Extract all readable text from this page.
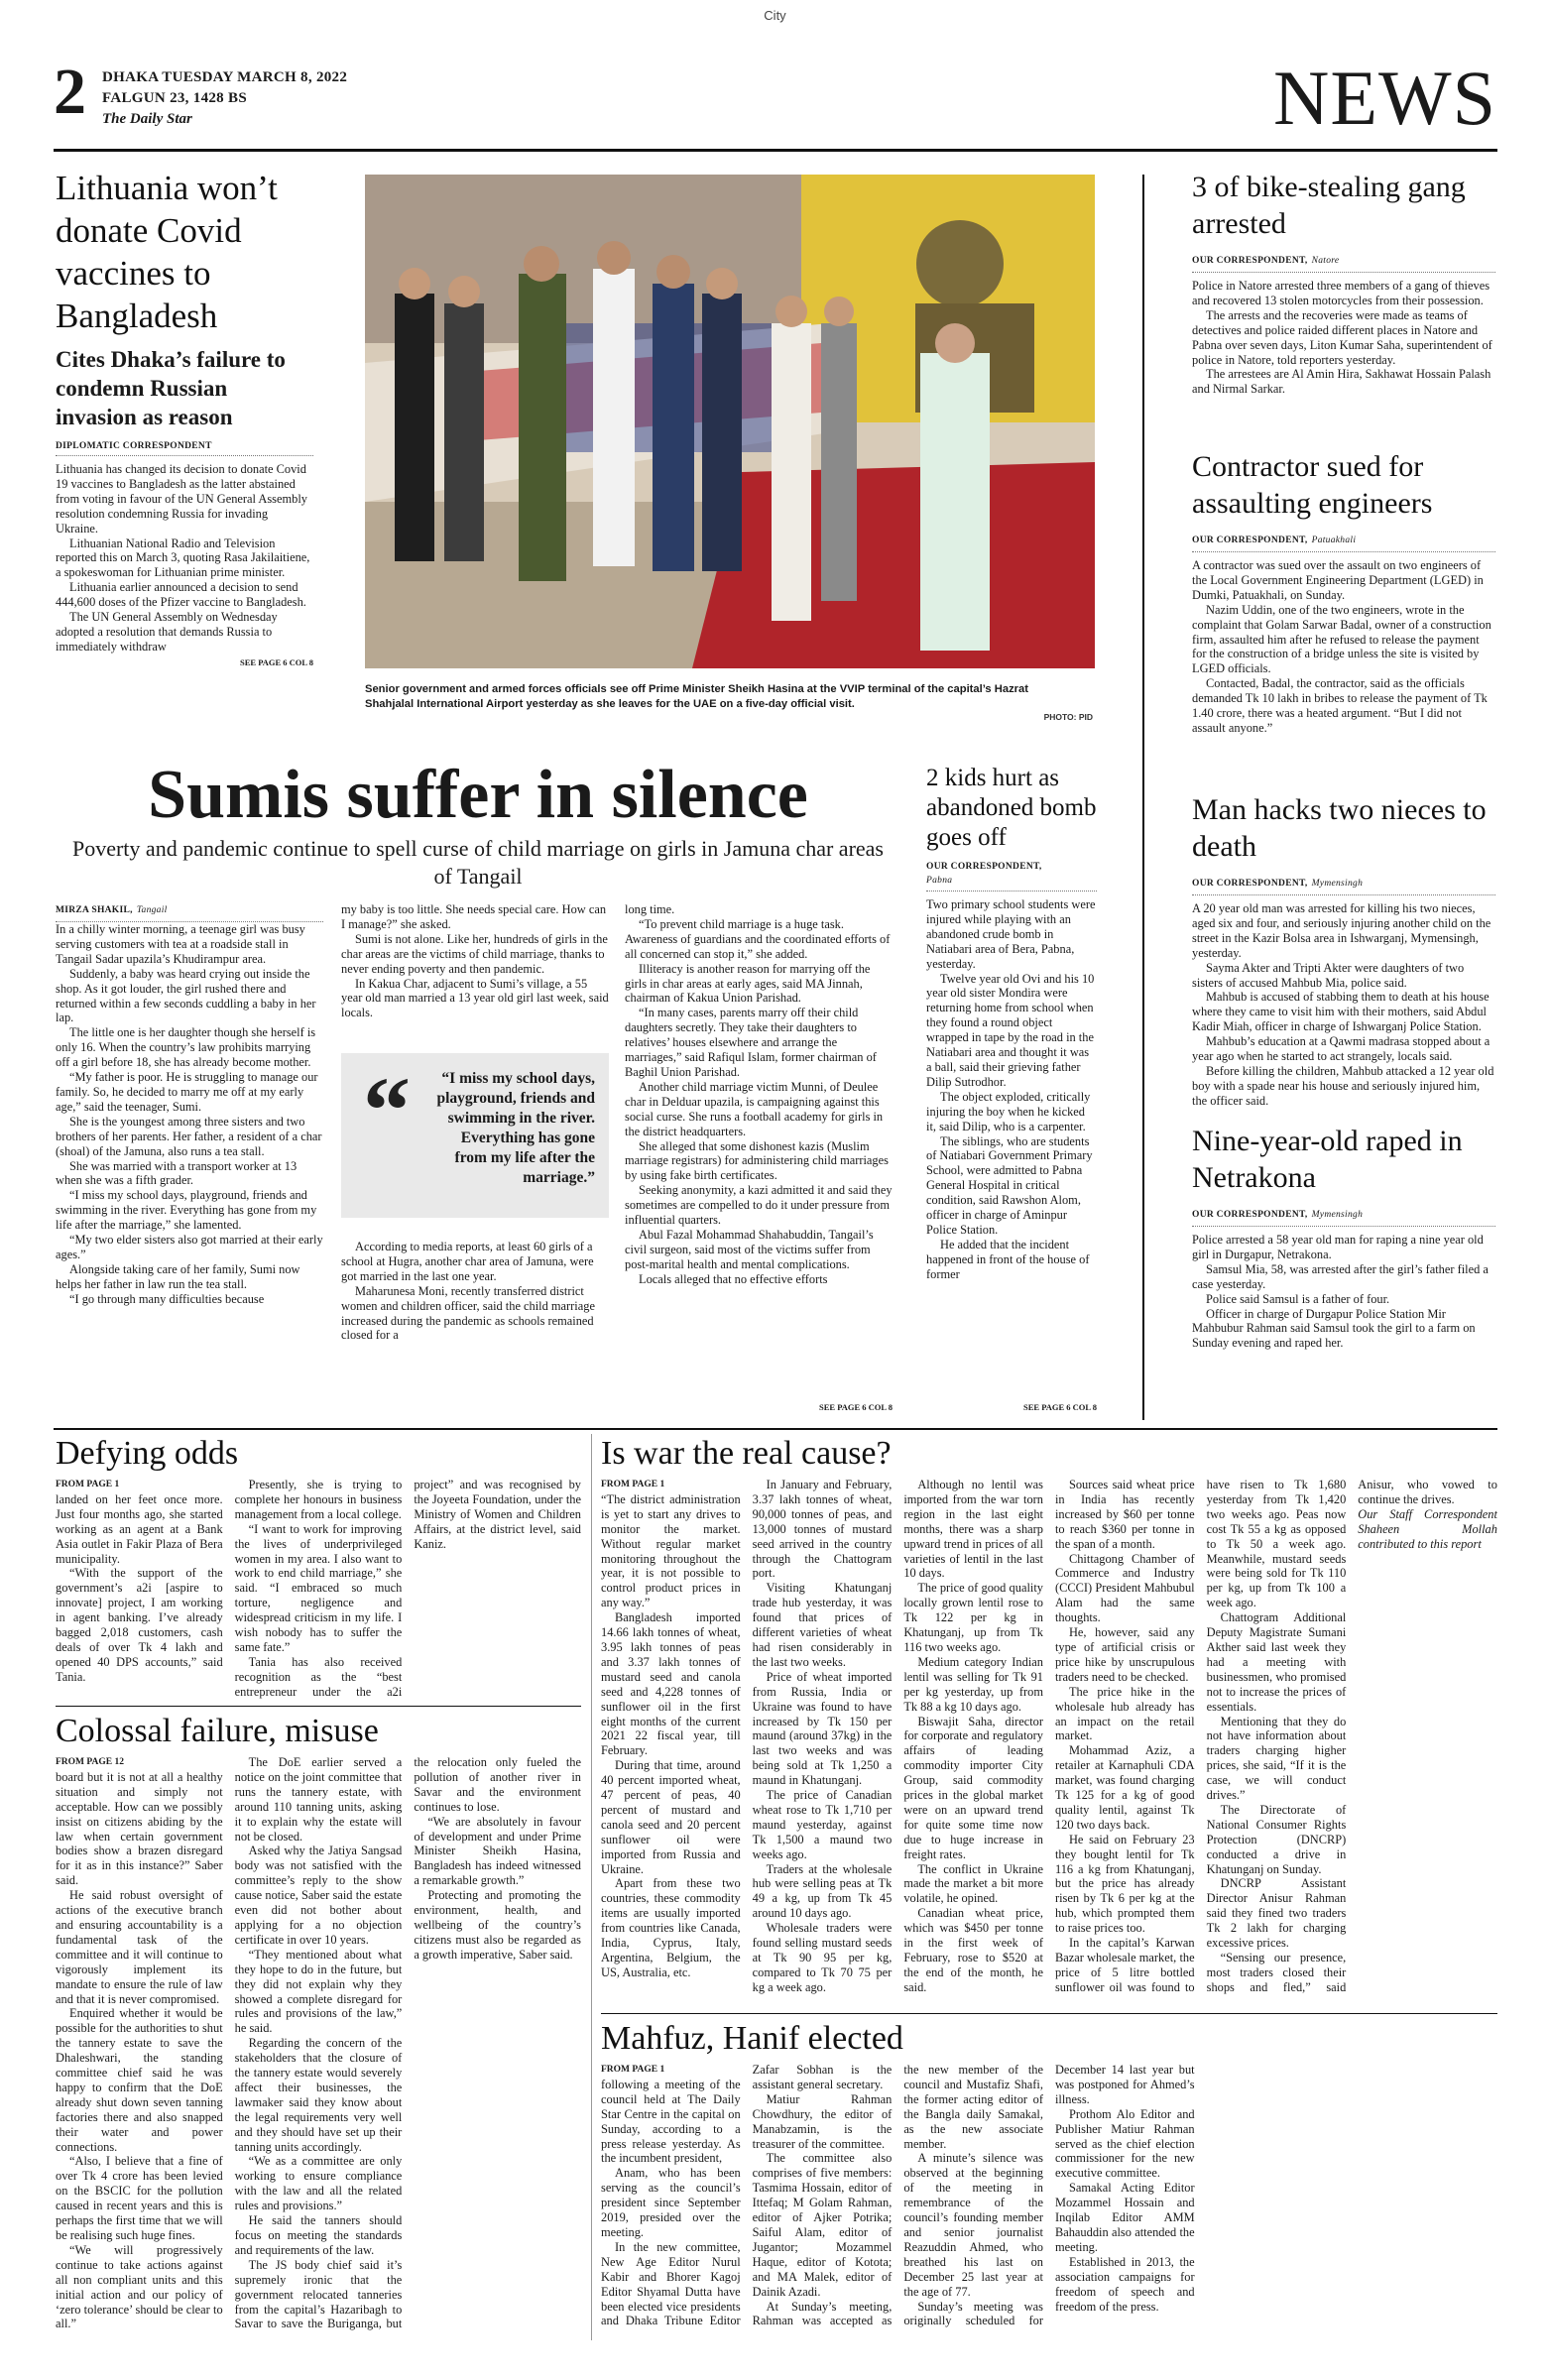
City
2 DHAKA TUESDAY MARCH 8, 2022
FALGUN 23, 1428 BS
The Daily Star	NEWS
Lithuania won’t donate Covid vaccines to Bangladesh
Cites Dhaka’s failure to condemn Russian invasion as reason
DIPLOMATIC CORRESPONDENT

Lithuania has changed its decision to donate Covid 19 vaccines to Bangladesh as the latter abstained from voting in favour of the UN General Assembly resolution condemning Russia for invading Ukraine.

Lithuanian National Radio and Television reported this on March 3, quoting Rasa Jakilaitiene, a spokeswoman for Lithuanian prime minister.

Lithuania earlier announced a decision to send 444,600 doses of the Pfizer vaccine to Bangladesh.

The UN General Assembly on Wednesday adopted a resolution that demands Russia to immediately withdraw

SEE PAGE 6 COL 8
Senior government and armed forces officials see off Prime Minister Sheikh Hasina at the VVIP terminal of the capital’s Hazrat Shahjalal International Airport yesterday as she leaves for the UAE on a five-day official visit.
PHOTO: PID
3 of bike-stealing gang arrested
OUR CORRESPONDENT, Natore

Police in Natore arrested three members of a gang of thieves and recovered 13 stolen motorcycles from their possession.

The arrests and the recoveries were made as teams of detectives and police raided different places in Natore and Pabna over seven days, Liton Kumar Saha, superintendent of police in Natore, told reporters yesterday.

The arrestees are Al Amin Hira, Sakhawat Hossain Palash and Nirmal Sarkar.

Contractor sued for assaulting engineers
OUR CORRESPONDENT, Patuakhali

A contractor was sued over the assault on two engineers of the Local Government Engineering Department (LGED) in Dumki, Patuakhali, on Sunday.

Nazim Uddin, one of the two engineers, wrote in the complaint that Golam Sarwar Badal, owner of a construction firm, assaulted him after he refused to release the payment for the construction of a bridge unless the site is visited by LGED officials.

Contacted, Badal, the contractor, said as the officials demanded Tk 10 lakh in bribes to release the payment of Tk 1.40 crore, there was a heated argument. “But I did not assault anyone.”

Sumis suffer in silence
Poverty and pandemic continue to spell curse of child marriage on girls in Jamuna char areas of Tangail
MIRZA SHAKIL, Tangail

In a chilly winter morning, a teenage girl was busy serving customers with tea at a roadside stall in Tangail Sadar upazila’s Khudirampur area.

Suddenly, a baby was heard crying out inside the shop. As it got louder, the girl rushed there and returned within a few seconds cuddling a baby in her lap.

The little one is her daughter though she herself is only 16. When the country’s law prohibits marrying off a girl before 18, she has already become mother.

“My father is poor. He is struggling to manage our family. So, he decided to marry me off at my early age,” said the teenager, Sumi.

She is the youngest among three sisters and two brothers of her parents. Her father, a resident of a char (shoal) of the Jamuna, also runs a tea stall.

She was married with a transport worker at 13 when she was a fifth grader.

“I miss my school days, playground, friends and swimming in the river. Everything has gone from my life after the marriage,” she lamented.

“My two elder sisters also got married at their early ages.”

Alongside taking care of her family, Sumi now helps her father in law run the tea stall.

“I go through many difficulties because

my baby is too little. She needs special care. How can I manage?” she asked.

Sumi is not alone. Like her, hundreds of girls in the char areas are the victims of child marriage, thanks to never ending poverty and then pandemic.

In Kakua Char, adjacent to Sumi’s village, a 55 year old man married a 13 year old girl last week, said locals.

“	“I miss my school days, playground, friends and swimming in the river. Everything has gone from my life after the marriage.”

According to media reports, at least 60 girls of a school at Hugra, another char area of Jamuna, were got married in the last one year.

Maharunesa Moni, recently transferred district women and children officer, said the child marriage increased during the pandemic as schools remained closed for a

long time.

“To prevent child marriage is a huge task. Awareness of guardians and the coordinated efforts of all concerned can stop it,” she added.

Illiteracy is another reason for marrying off the girls in char areas at early ages, said MA Jinnah, chairman of Kakua Union Parishad.

“In many cases, parents marry off their child daughters secretly. They take their daughters to relatives’ houses elsewhere and arrange the marriages,” said Rafiqul Islam, former chairman of Baghil Union Parishad.

Another child marriage victim Munni, of Deulee char in Delduar upazila, is campaigning against this social curse. She runs a football academy for girls in the district headquarters.

She alleged that some dishonest kazis (Muslim marriage registrars) for administering child marriages by using fake birth certificates.

Seeking anonymity, a kazi admitted it and said they sometimes are compelled to do it under pressure from influential quarters.

Abul Fazal Mohammad Shahabuddin, Tangail’s civil surgeon, said most of the victims suffer from post-marital health and mental complications.

Locals alleged that no effective efforts

SEE PAGE 6 COL 8
2 kids hurt as abandoned bomb goes off
OUR CORRESPONDENT,
Pabna

Two primary school students were injured while playing with an abandoned crude bomb in Natiabari area of Bera, Pabna, yesterday.

Twelve year old Ovi and his 10 year old sister Mondira were returning home from school when they found a round object wrapped in tape by the road in the Natiabari area and thought it was a ball, said their grieving father Dilip Sutrodhor.

The object exploded, critically injuring the boy when he kicked it, said Dilip, who is a carpenter.

The siblings, who are students of Natiabari Government Primary School, were admitted to Pabna General Hospital in critical condition, said Rawshon Alom, officer in charge of Aminpur Police Station.

He added that the incident happened in front of the house of former

SEE PAGE 6 COL 8
Man hacks two nieces to death
OUR CORRESPONDENT, Mymensingh

A 20 year old man was arrested for killing his two nieces, aged six and four, and seriously injuring another child on the street in the Kazir Bolsa area in Ishwarganj, Mymensingh, yesterday.

Sayma Akter and Tripti Akter were daughters of two sisters of accused Mahbub Mia, police said.

Mahbub is accused of stabbing them to death at his house where they came to visit him with their mothers, said Abdul Kadir Miah, officer in charge of Ishwarganj Police Station.

Mahbub’s education at a Qawmi madrasa stopped about a year ago when he started to act strangely, locals said.

Before killing the children, Mahbub attacked a 12 year old boy with a spade near his house and seriously injured him, the officer said.

Nine-year-old raped in Netrakona
OUR CORRESPONDENT, Mymensingh

Police arrested a 58 year old man for raping a nine year old girl in Durgapur, Netrakona.

Samsul Mia, 58, was arrested after the girl’s father filed a case yesterday.

Police said Samsul is a father of four.

Officer in charge of Durgapur Police Station Mir Mahbubur Rahman said Samsul took the girl to a farm on Sunday evening and raped her.

Defying odds
FROM PAGE 1

landed on her feet once more. Just four months ago, she started working as an agent at a Bank Asia outlet in Fakir Plaza of Bera municipality.

“With the support of the government’s a2i [aspire to innovate] project, I am working in agent banking. I’ve already bagged 2,018 customers, cash deals of over Tk 4 lakh and opened 40 DPS accounts,” said Tania.

Presently, she is trying to complete her honours in business management from a local college.

“I want to work for improving the lives of underprivileged women in my area. I also want to work to end child marriage,” she said. “I embraced so much torture, negligence and widespread criticism in my life. I wish nobody has to suffer the same fate.”

Tania has also received recognition as the “best entrepreneur under the a2i project” and was recognised by the Joyeeta Foundation, under the Ministry of Women and Children Affairs, at the district level, said Kaniz.

Colossal failure, misuse
FROM PAGE 12

board but it is not at all a healthy situation and simply not acceptable. How can we possibly insist on citizens abiding by the law when certain government bodies show a brazen disregard for it as in this instance?” Saber said.

He said robust oversight of actions of the executive branch and ensuring accountability is a fundamental task of the committee and it will continue to vigorously implement its mandate to ensure the rule of law and that it is never compromised.

Enquired whether it would be possible for the authorities to shut the tannery estate to save the Dhaleshwari, the standing committee chief said he was happy to confirm that the DoE already shut down seven tanning factories there and also snapped their water and power connections.

“Also, I believe that a fine of over Tk 4 crore has been levied on the BSCIC for the pollution caused in recent years and this is perhaps the first time that we will be realising such huge fines.

“We will progressively continue to take actions against all non compliant units and this initial action and our policy of ‘zero tolerance’ should be clear to all.”

The DoE earlier served a notice on the joint committee that runs the tannery estate, with around 110 tanning units, asking it to explain why the estate will not be closed.

Asked why the Jatiya Sangsad body was not satisfied with the committee’s reply to the show cause notice, Saber said the estate even did not bother about applying for a no objection certificate in over 10 years.

“They mentioned about what they hope to do in the future, but they did not explain why they showed a complete disregard for rules and provisions of the law,” he said.

Regarding the concern of the stakeholders that the closure of the tannery estate would severely affect their businesses, the lawmaker said they know about the legal requirements very well and they should have set up their tanning units accordingly.

“We as a committee are only working to ensure compliance with the law and all the related rules and provisions.”

He said the tanners should focus on meeting the standards and requirements of the law.

The JS body chief said it’s supremely ironic that the government relocated tanneries from the capital’s Hazaribagh to Savar to save the Buriganga, but the relocation only fueled the pollution of another river in Savar and the environment continues to lose.

“We are absolutely in favour of development and under Prime Minister Sheikh Hasina, Bangladesh has indeed witnessed a remarkable growth.”

Protecting and promoting the environment, health, and wellbeing of the country’s citizens must also be regarded as a growth imperative, Saber said.

Is war the real cause?
FROM PAGE 1

“The district administration is yet to start any drives to monitor the market. Without regular market monitoring throughout the year, it is not possible to control product prices in any way.”

Bangladesh imported 14.66 lakh tonnes of wheat, 3.95 lakh tonnes of peas and 3.37 lakh tonnes of mustard seed and canola seed and 4,228 tonnes of sunflower oil in the first eight months of the current 2021 22 fiscal year, till February.

During that time, around 40 percent imported wheat, 47 percent of peas, 40 percent of mustard and canola seed and 20 percent sunflower oil were imported from Russia and Ukraine.

Apart from these two countries, these commodity items are usually imported from countries like Canada, India, Cyprus, Italy, Argentina, Belgium, the US, Australia, etc.

In January and February, 3.37 lakh tonnes of wheat, 90,000 tonnes of peas, and 13,000 tonnes of mustard seed arrived in the country through the Chattogram port.

Visiting Khatunganj trade hub yesterday, it was found that prices of different varieties of wheat had risen considerably in the last two weeks.

Price of wheat imported from Russia, India or Ukraine was found to have increased by Tk 150 per maund (around 37kg) in the last two weeks and was being sold at Tk 1,250 a maund in Khatunganj.

The price of Canadian wheat rose to Tk 1,710 per maund yesterday, against Tk 1,500 a maund two weeks ago.

Traders at the wholesale hub were selling peas at Tk 49 a kg, up from Tk 45 around 10 days ago.

Wholesale traders were found selling mustard seeds at Tk 90 95 per kg, compared to Tk 70 75 per kg a week ago.

Although no lentil was imported from the war torn region in the last eight months, there was a sharp upward trend in prices of all varieties of lentil in the last 10 days.

The price of good quality locally grown lentil rose to Tk 122 per kg in Khatunganj, up from Tk 116 two weeks ago.

Medium category Indian lentil was selling for Tk 91 per kg yesterday, up from Tk 88 a kg 10 days ago.

Biswajit Saha, director for corporate and regulatory affairs of leading commodity importer City Group, said commodity prices in the global market were on an upward trend for quite some time now due to huge increase in freight rates.

The conflict in Ukraine made the market a bit more volatile, he opined.

Canadian wheat price, which was $450 per tonne in the first week of February, rose to $520 at the end of the month, he said.

Sources said wheat price in India has recently increased by $60 per tonne to reach $360 per tonne in the span of a month.

Chittagong Chamber of Commerce and Industry (CCCI) President Mahbubul Alam had the same thoughts.

He, however, said any type of artificial crisis or price hike by unscrupulous traders need to be checked.

The price hike in the wholesale hub already has an impact on the retail market.

Mohammad Aziz, a retailer at Karnaphuli CDA market, was found charging Tk 125 for a kg of good quality lentil, against Tk 120 two days back.

He said on February 23 they bought lentil for Tk 116 a kg from Khatunganj, but the price has already risen by Tk 6 per kg at the hub, which prompted them to raise prices too.

In the capital’s Karwan Bazar wholesale market, the price of 5 litre bottled sunflower oil was found to have risen to Tk 1,680 yesterday from Tk 1,420 two weeks ago. Peas now cost Tk 55 a kg as opposed to Tk 50 a week ago. Meanwhile, mustard seeds were being sold for Tk 110 per kg, up from Tk 100 a week ago.

Chattogram Additional Deputy Magistrate Sumani Akther said last week they had a meeting with businessmen, who promised not to increase the prices of essentials.

Mentioning that they do not have information about traders charging higher prices, she said, “If it is the case, we will conduct drives.”

The Directorate of National Consumer Rights Protection (DNCRP) conducted a drive in Khatunganj on Sunday.

DNCRP Assistant Director Anisur Rahman said they fined two traders Tk 2 lakh for charging excessive prices.

“Sensing our presence, most traders closed their shops and fled,” said Anisur, who vowed to continue the drives.

Our Staff Correspondent Shaheen Mollah contributed to this report

Mahfuz, Hanif elected
FROM PAGE 1

following a meeting of the council held at The Daily Star Centre in the capital on Sunday, according to a press release yesterday. As the incumbent president,

Anam, who has been serving as the council’s president since September 2019, presided over the meeting.

In the new committee, New Age Editor Nurul Kabir and Bhorer Kagoj Editor Shyamal Dutta have been elected vice presidents and Dhaka Tribune Editor Zafar Sobhan is the assistant general secretary.

Matiur Rahman Chowdhury, the editor of Manabzamin, is the treasurer of the committee.

The committee also comprises of five members: Tasmima Hossain, editor of Ittefaq; M Golam Rahman, editor of Ajker Potrika; Saiful Alam, editor of Jugantor; Mozammel Haque, editor of Kotota; and MA Malek, editor of Dainik Azadi.

At Sunday’s meeting, Rahman was accepted as the new member of the council and Mustafiz Shafi, the former acting editor of the Bangla daily Samakal, as the new associate member.

A minute’s silence was observed at the beginning of the meeting in remembrance of the council’s founding member and senior journalist Reazuddin Ahmed, who breathed his last on December 25 last year at the age of 77.

Sunday’s meeting was originally scheduled for December 14 last year but was postponed for Ahmed’s illness.

Prothom Alo Editor and Publisher Matiur Rahman served as the chief election commissioner for the new executive committee.

Samakal Acting Editor Mozammel Hossain and Inqilab Editor AMM Bahauddin also attended the meeting.

Established in 2013, the association campaigns for freedom of speech and freedom of the press.
